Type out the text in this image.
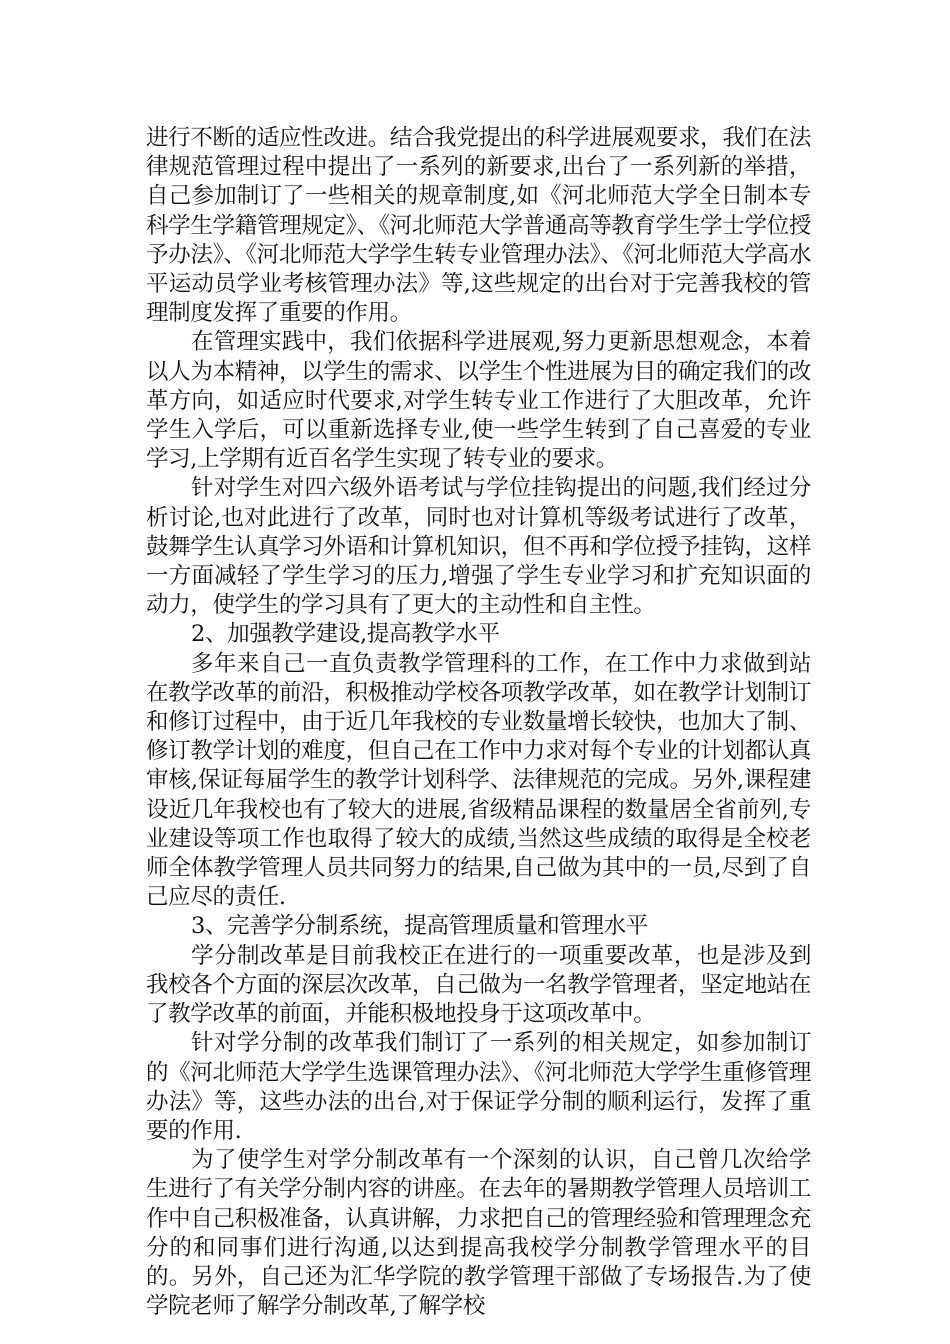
进行不断的适应性改进。结合我党提出的科学进展观要求，我们在法律规范管理过程中提出了一系列的新要求,出台了一系列新的举措，自己参加制订了一些相关的规章制度,如《河北师范大学全日制本专科学生学籍管理规定》、《河北师范大学普通高等教育学生学士学位授予办法》、《河北师范大学学生转专业管理办法》、《河北师范大学高水平运动员学业考核管理办法》等,这些规定的出台对于完善我校的管理制度发挥了重要的作用。

在管理实践中，我们依据科学进展观,努力更新思想观念，本着以人为本精神，以学生的需求、以学生个性进展为目的确定我们的改革方向，如适应时代要求,对学生转专业工作进行了大胆改革，允许学生入学后，可以重新选择专业,使一些学生转到了自己喜爱的专业学习,上学期有近百名学生实现了转专业的要求。

针对学生对四六级外语考试与学位挂钩提出的问题,我们经过分析讨论,也对此进行了改革，同时也对计算机等级考试进行了改革，鼓舞学生认真学习外语和计算机知识，但不再和学位授予挂钩，这样一方面减轻了学生学习的压力,增强了学生专业学习和扩充知识面的动力，使学生的学习具有了更大的主动性和自主性。

2、加强教学建设,提高教学水平

多年来自己一直负责教学管理科的工作，在工作中力求做到站在教学改革的前沿，积极推动学校各项教学改革，如在教学计划制订和修订过程中，由于近几年我校的专业数量增长较快，也加大了制、修订教学计划的难度，但自己在工作中力求对每个专业的计划都认真审核,保证每届学生的教学计划科学、法律规范的完成。另外,课程建设近几年我校也有了较大的进展,省级精品课程的数量居全省前列,专业建设等项工作也取得了较大的成绩,当然这些成绩的取得是全校老师全体教学管理人员共同努力的结果,自己做为其中的一员,尽到了自己应尽的责任.

3、完善学分制系统，提高管理质量和管理水平

学分制改革是目前我校正在进行的一项重要改革，也是涉及到我校各个方面的深层次改革，自己做为一名教学管理者，坚定地站在了教学改革的前面，并能积极地投身于这项改革中。

针对学分制的改革我们制订了一系列的相关规定，如参加制订的《河北师范大学学生选课管理办法》、《河北师范大学学生重修管理办法》等，这些办法的出台,对于保证学分制的顺利运行，发挥了重要的作用.

为了使学生对学分制改革有一个深刻的认识，自己曾几次给学生进行了有关学分制内容的讲座。在去年的暑期教学管理人员培训工作中自己积极准备，认真讲解，力求把自己的管理经验和管理理念充分的和同事们进行沟通,以达到提高我校学分制教学管理水平的目的。另外，自己还为汇华学院的教学管理干部做了专场报告.为了使学院老师了解学分制改革,了解学校
